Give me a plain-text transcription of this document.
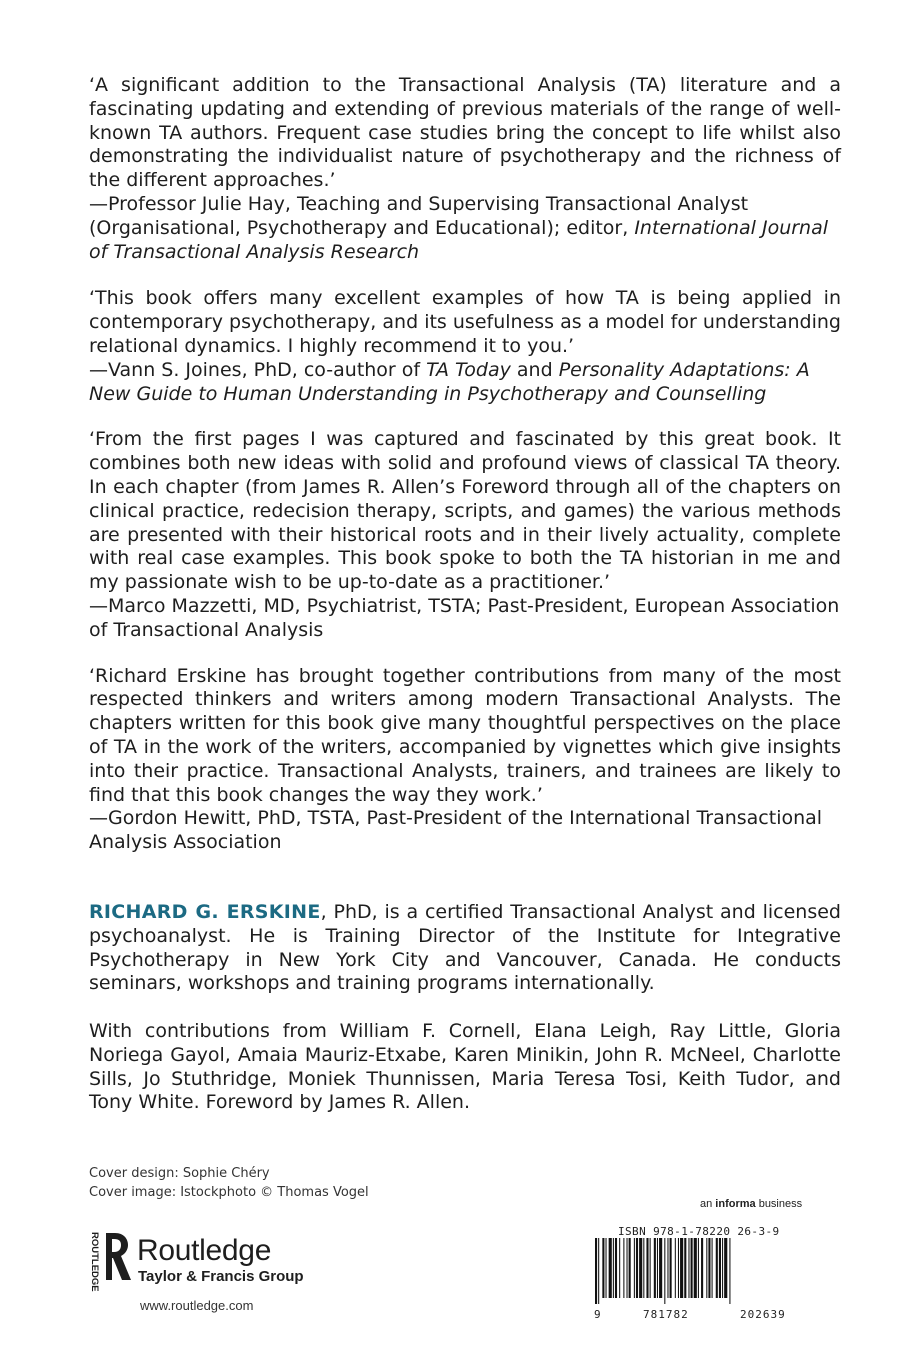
‘A significant addition to the Transactional Analysis (TA) literature and a fascinating updating and extending of previous materials of the range of well-known TA authors. Frequent case studies bring the concept to life whilst also demonstrating the individualist nature of psychotherapy and the richness of the different approaches.’

—Professor Julie Hay, Teaching and Supervising Transactional Analyst (Organisational, Psychotherapy and Educational); editor, International Journal of Transactional Analysis Research

‘This book offers many excellent examples of how TA is being applied in contemporary psychotherapy, and its usefulness as a model for understanding relational dynamics. I highly recommend it to you.’

—Vann S. Joines, PhD, co-author of TA Today and Personality Adaptations: A New Guide to Human Understanding in Psychotherapy and Counselling

‘From the first pages I was captured and fascinated by this great book. It combines both new ideas with solid and profound views of classical TA theory. In each chapter (from James R. Allen’s Foreword through all of the chapters on clinical practice, redecision therapy, scripts, and games) the various methods are presented with their historical roots and in their lively actuality, complete with real case examples. This book spoke to both the TA historian in me and my passionate wish to be up-to-date as a practitioner.’

—Marco Mazzetti, MD, Psychiatrist, TSTA; Past-President, European Association of Transactional Analysis

‘Richard Erskine has brought together contributions from many of the most respected thinkers and writers among modern Transactional Analysts. The chapters written for this book give many thoughtful perspectives on the place of TA in the work of the writers, accompanied by vignettes which give insights into their practice. Transactional Analysts, trainers, and trainees are likely to find that this book changes the way they work.’

—Gordon Hewitt, PhD, TSTA, Past-President of the International Transactional Analysis Association

RICHARD G. ERSKINE, PhD, is a certified Transactional Analyst and licensed psychoanalyst. He is Training Director of the Institute for Integrative Psychotherapy in New York City and Vancouver, Canada. He conducts seminars, workshops and training programs internationally.

With contributions from William F. Cornell, Elana Leigh, Ray Little, Gloria Noriega Gayol, Amaia Mauriz-Etxabe, Karen Minikin, John R. McNeel, Charlotte Sills, Jo Stuthridge, Moniek Thunnissen, Maria Teresa Tosi, Keith Tudor, and Tony White. Foreword by James R. Allen.

Cover design: Sophie Chéry
Cover image: Istockphoto © Thomas Vogel
ROUTLEDGE Routledge
Taylor & Francis Group
www.routledge.com
an informa business
ISBN 978-1-78220 26-3-9
9	781782	202639
